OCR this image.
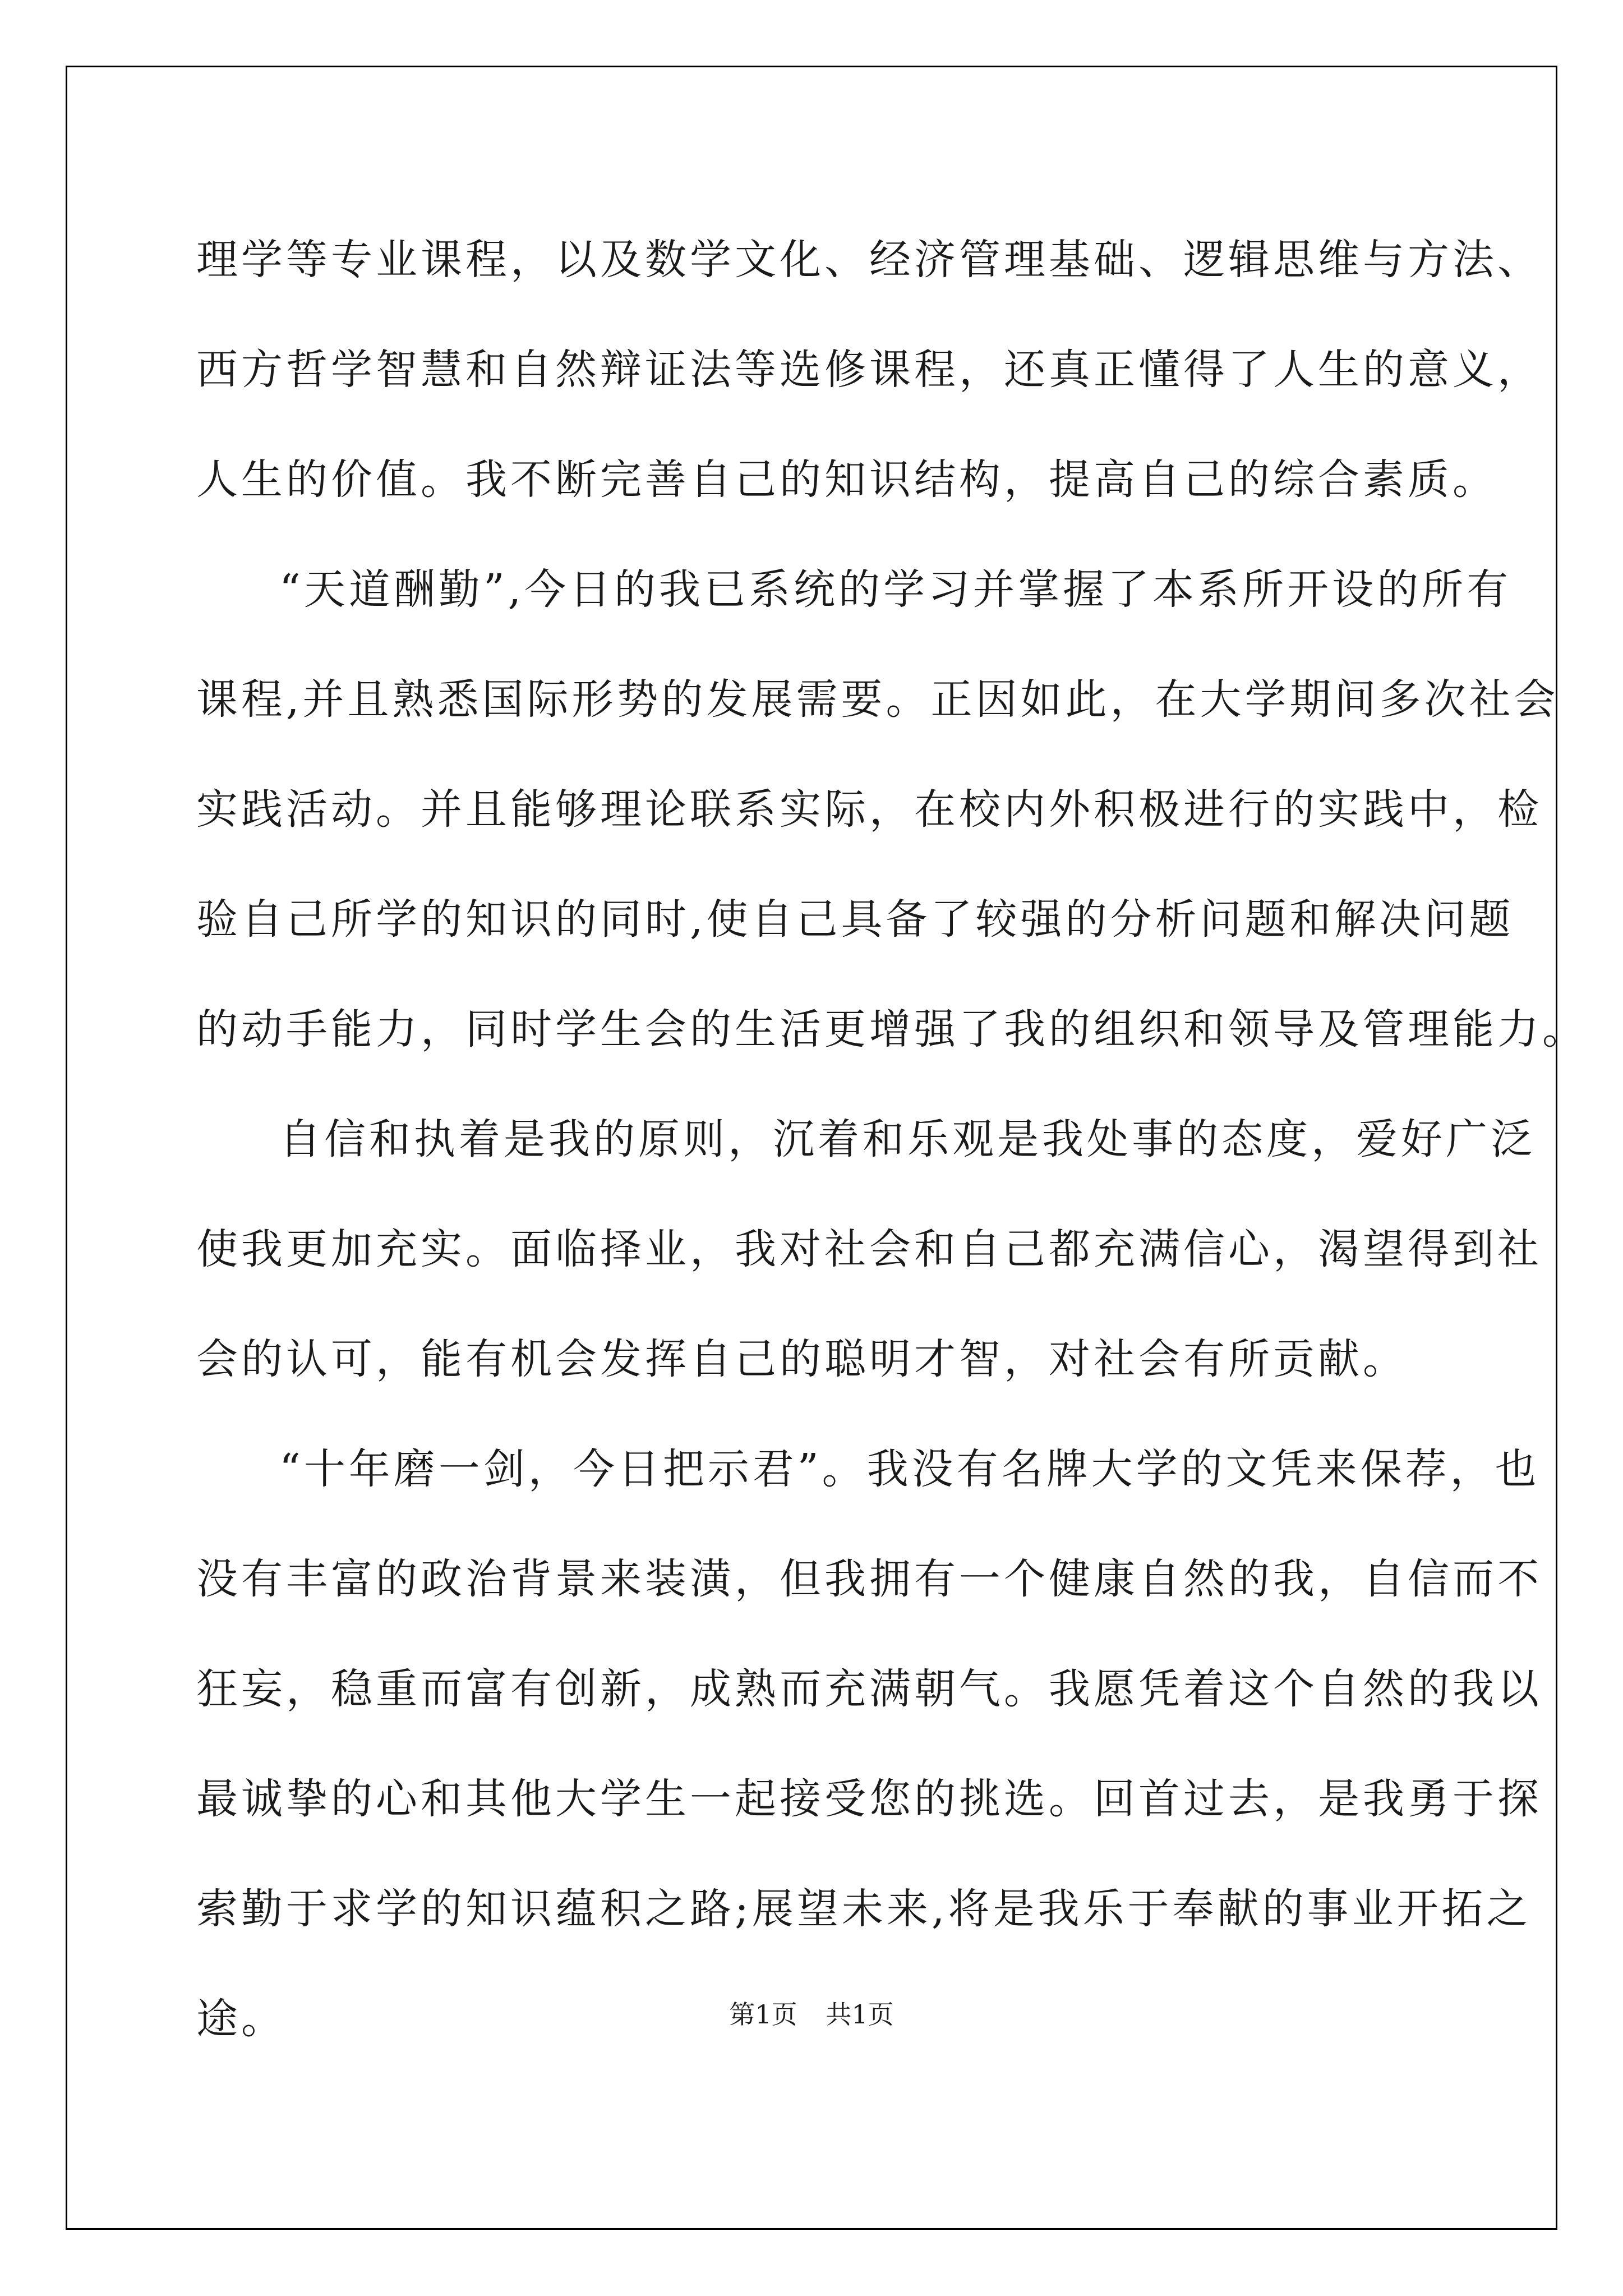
理学等专业课程，以及数学文化、经济管理基础、逻辑思维与方法、
西方哲学智慧和自然辩证法等选修课程，还真正懂得了人生的意义，
人生的价值。我不断完善自己的知识结构，提高自己的综合素质。
“天道酬勤”,今日的我已系统的学习并掌握了本系所开设的所有
课程,并且熟悉国际形势的发展需要。正因如此，在大学期间多次社会
实践活动。并且能够理论联系实际，在校内外积极进行的实践中，检
验自己所学的知识的同时,使自己具备了较强的分析问题和解决问题
的动手能力，同时学生会的生活更增强了我的组织和领导及管理能力。
自信和执着是我的原则，沉着和乐观是我处事的态度，爱好广泛
使我更加充实。面临择业，我对社会和自己都充满信心，渴望得到社
会的认可，能有机会发挥自己的聪明才智，对社会有所贡献。
“十年磨一剑，今日把示君”。我没有名牌大学的文凭来保荐，也
没有丰富的政治背景来装潢，但我拥有一个健康自然的我，自信而不
狂妄，稳重而富有创新，成熟而充满朝气。我愿凭着这个自然的我以
最诚挚的心和其他大学生一起接受您的挑选。回首过去，是我勇于探
索勤于求学的知识蕴积之路;展望未来,将是我乐于奉献的事业开拓之
途。	第1页 共1页
